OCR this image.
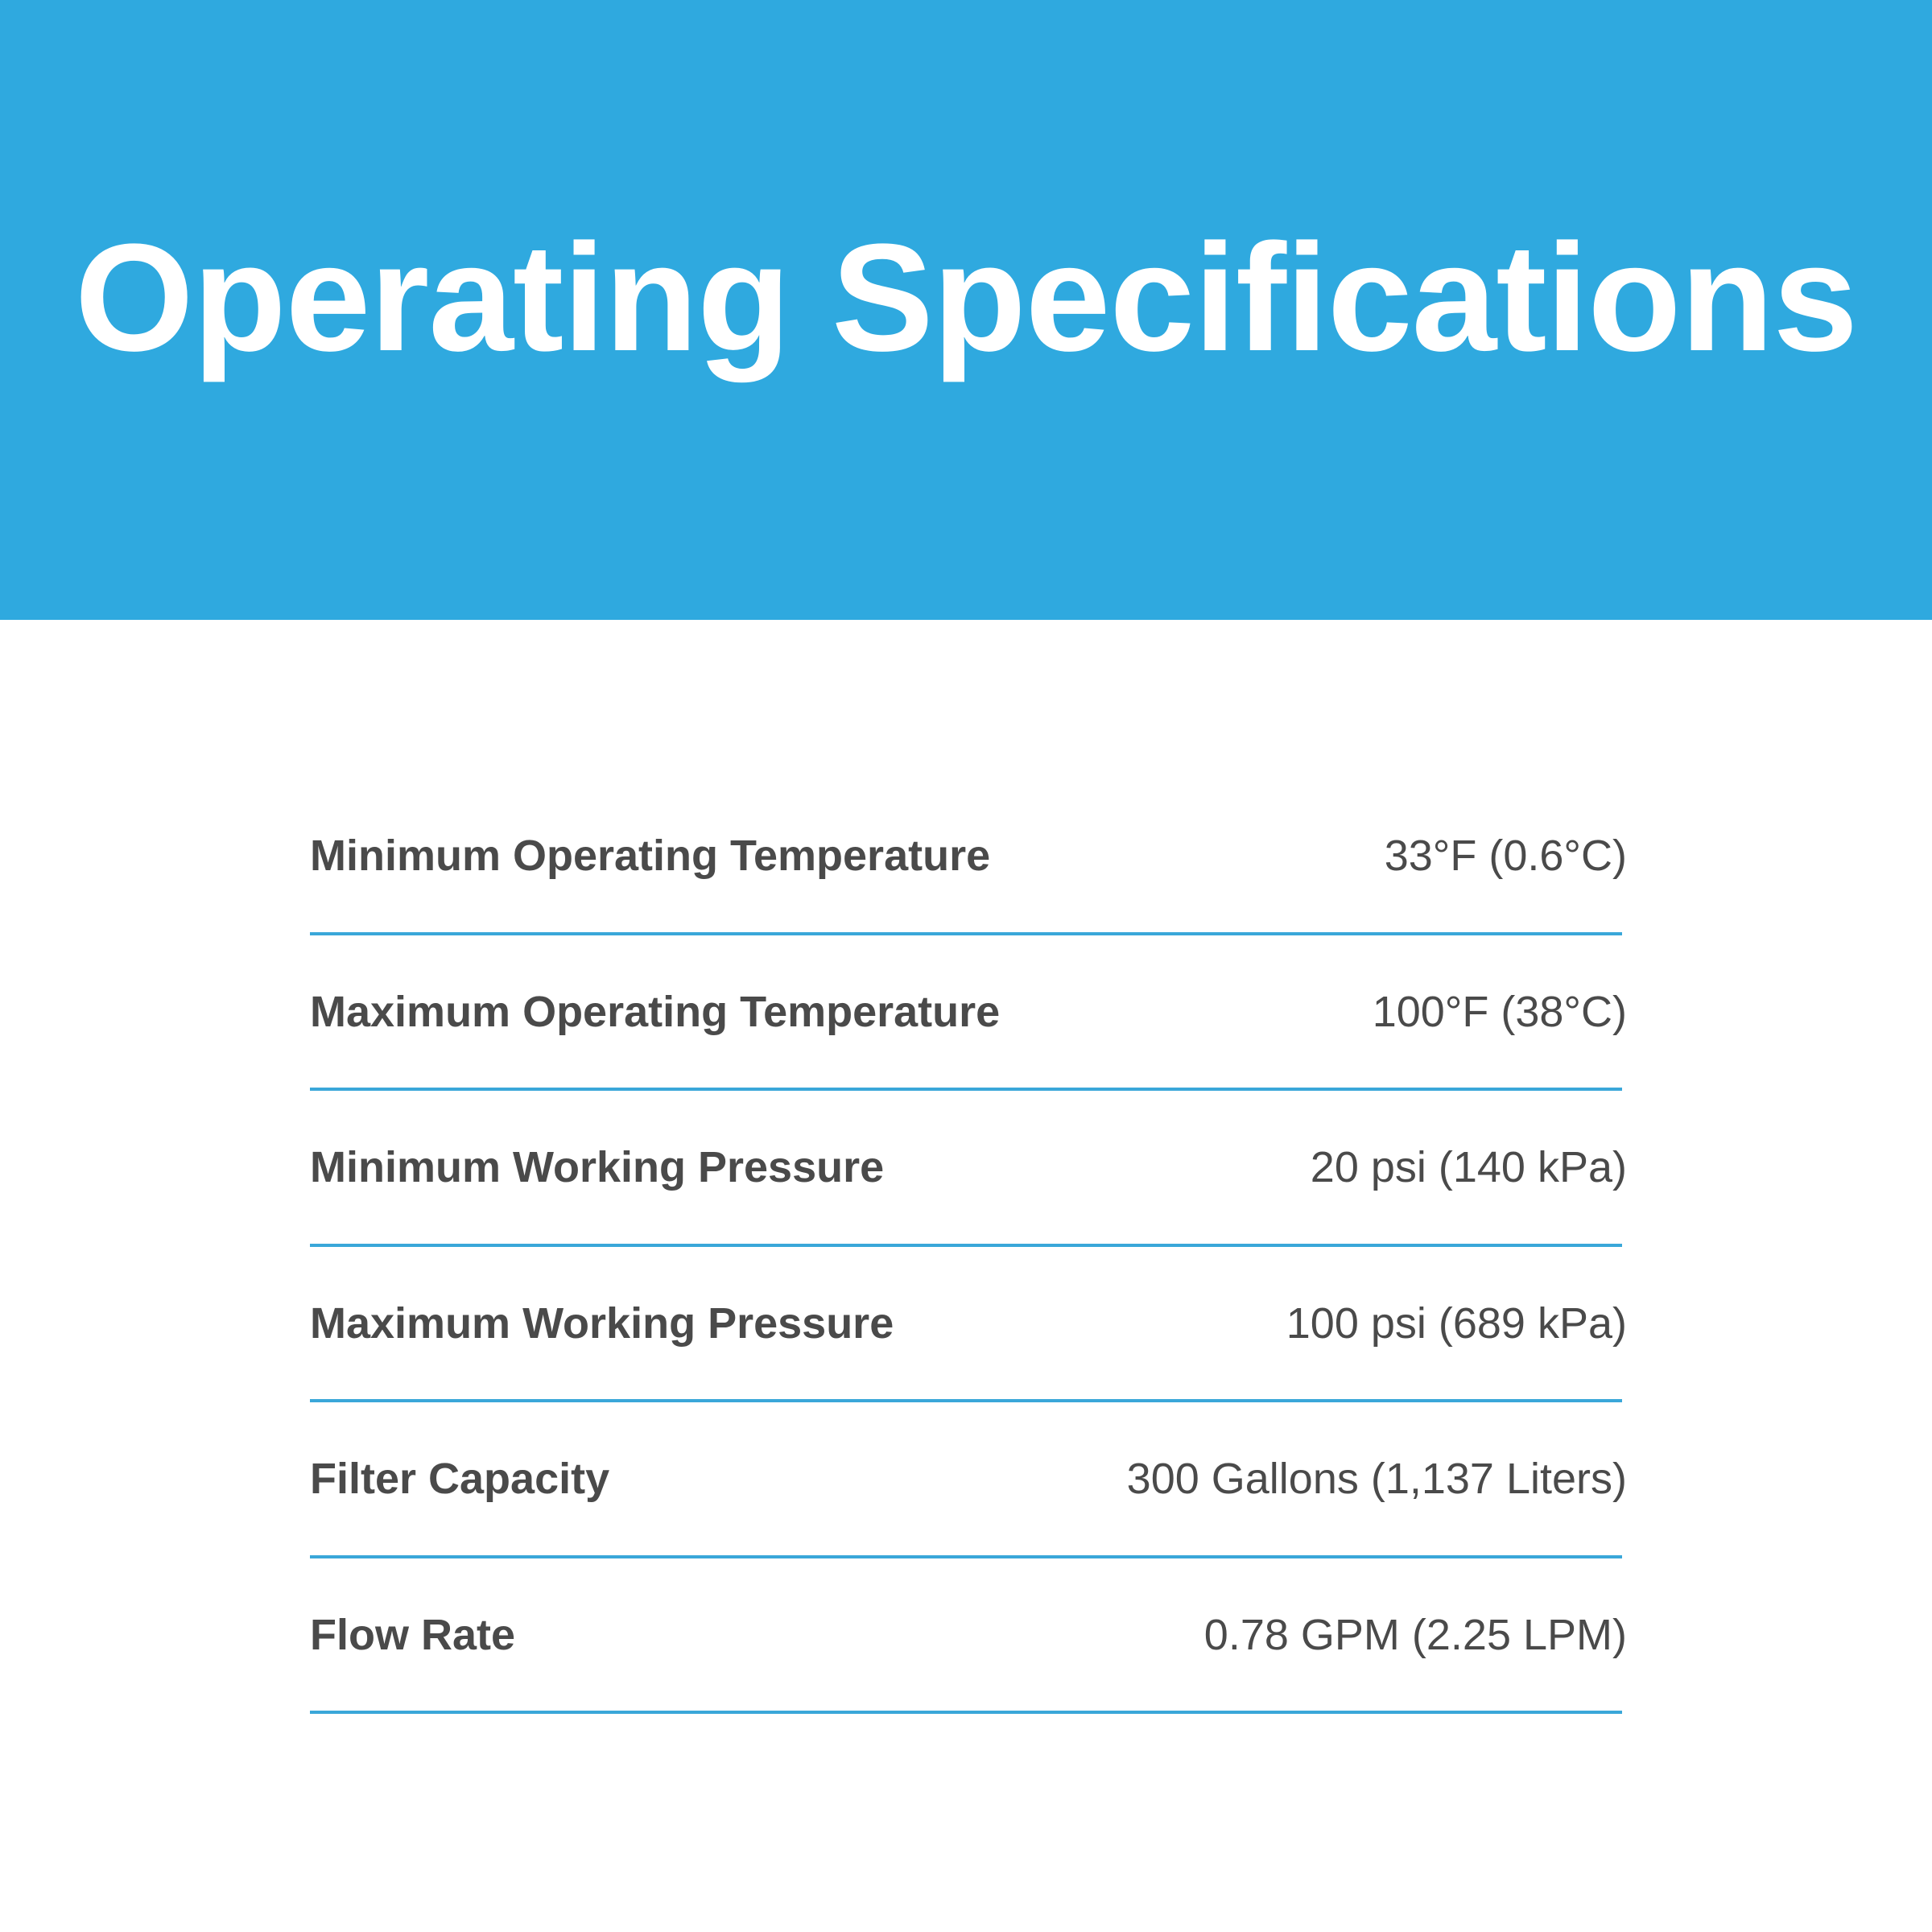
Operating Specifications
Minimum Operating Temperature	33°F (0.6°C)
Maximum Operating Temperature	100°F (38°C)
Minimum Working Pressure	20 psi (140 kPa)
Maximum Working Pressure	100 psi (689 kPa)
Filter Capacity	300 Gallons (1,137 Liters)
Flow Rate	0.78 GPM (2.25 LPM)
